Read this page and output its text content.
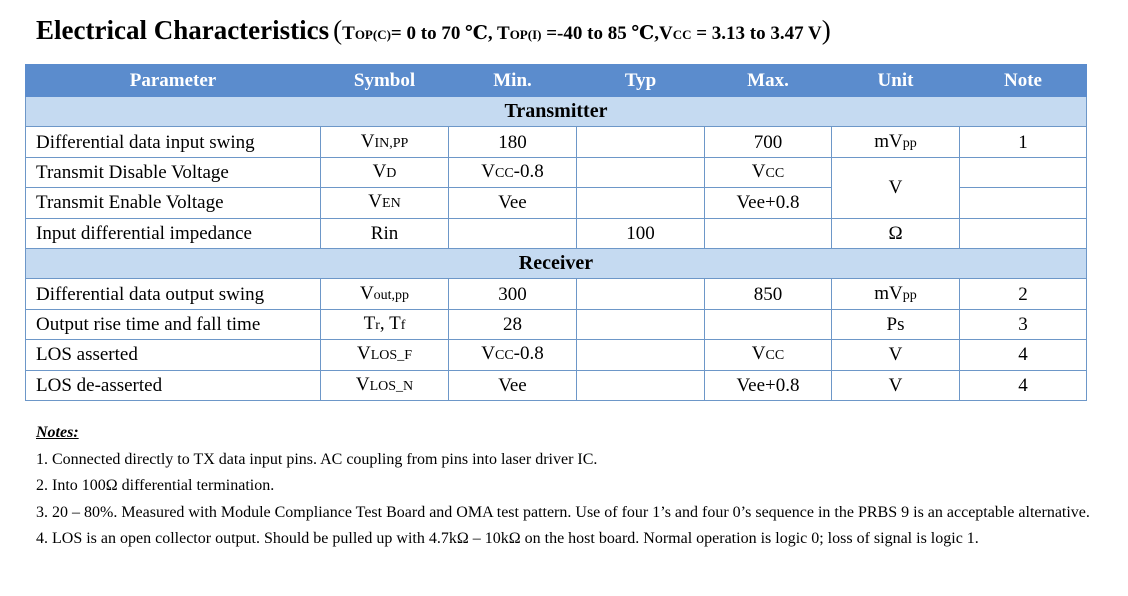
Electrical Characteristics (TOP(C)= 0 to 70 ℃, TOP(I) =-40 to 85 ℃,VCC = 3.13 to 3.47 V)
Parameter	Symbol	Min.	Typ	Max.	Unit	Note
Transmitter						
Differential data input swing	VIN,PP	180		700	mVpp	1
Transmit Disable Voltage	VD	VCC-0.8		VCC	V	
Transmit Enable Voltage	VEN	Vee		Vee+0.8		
Input differential impedance	Rin		100		Ω	
Receiver						
Differential data output swing	Vout,pp	300		850	mVpp	2
Output rise time and fall time	Tr, Tf	28			Ps	3
LOS asserted	VLOS_F	VCC-0.8		VCC	V	4
LOS de-asserted	VLOS_N	Vee		Vee+0.8	V	4

Notes:

1. Connected directly to TX data input pins. AC coupling from pins into laser driver IC.

2. Into 100Ω differential termination.

3. 20 – 80%. Measured with Module Compliance Test Board and OMA test pattern. Use of four 1’s and four 0’s sequence in the PRBS 9 is an acceptable alternative.

4. LOS is an open collector output. Should be pulled up with 4.7kΩ – 10kΩ on the host board. Normal operation is logic 0; loss of signal is logic 1.
